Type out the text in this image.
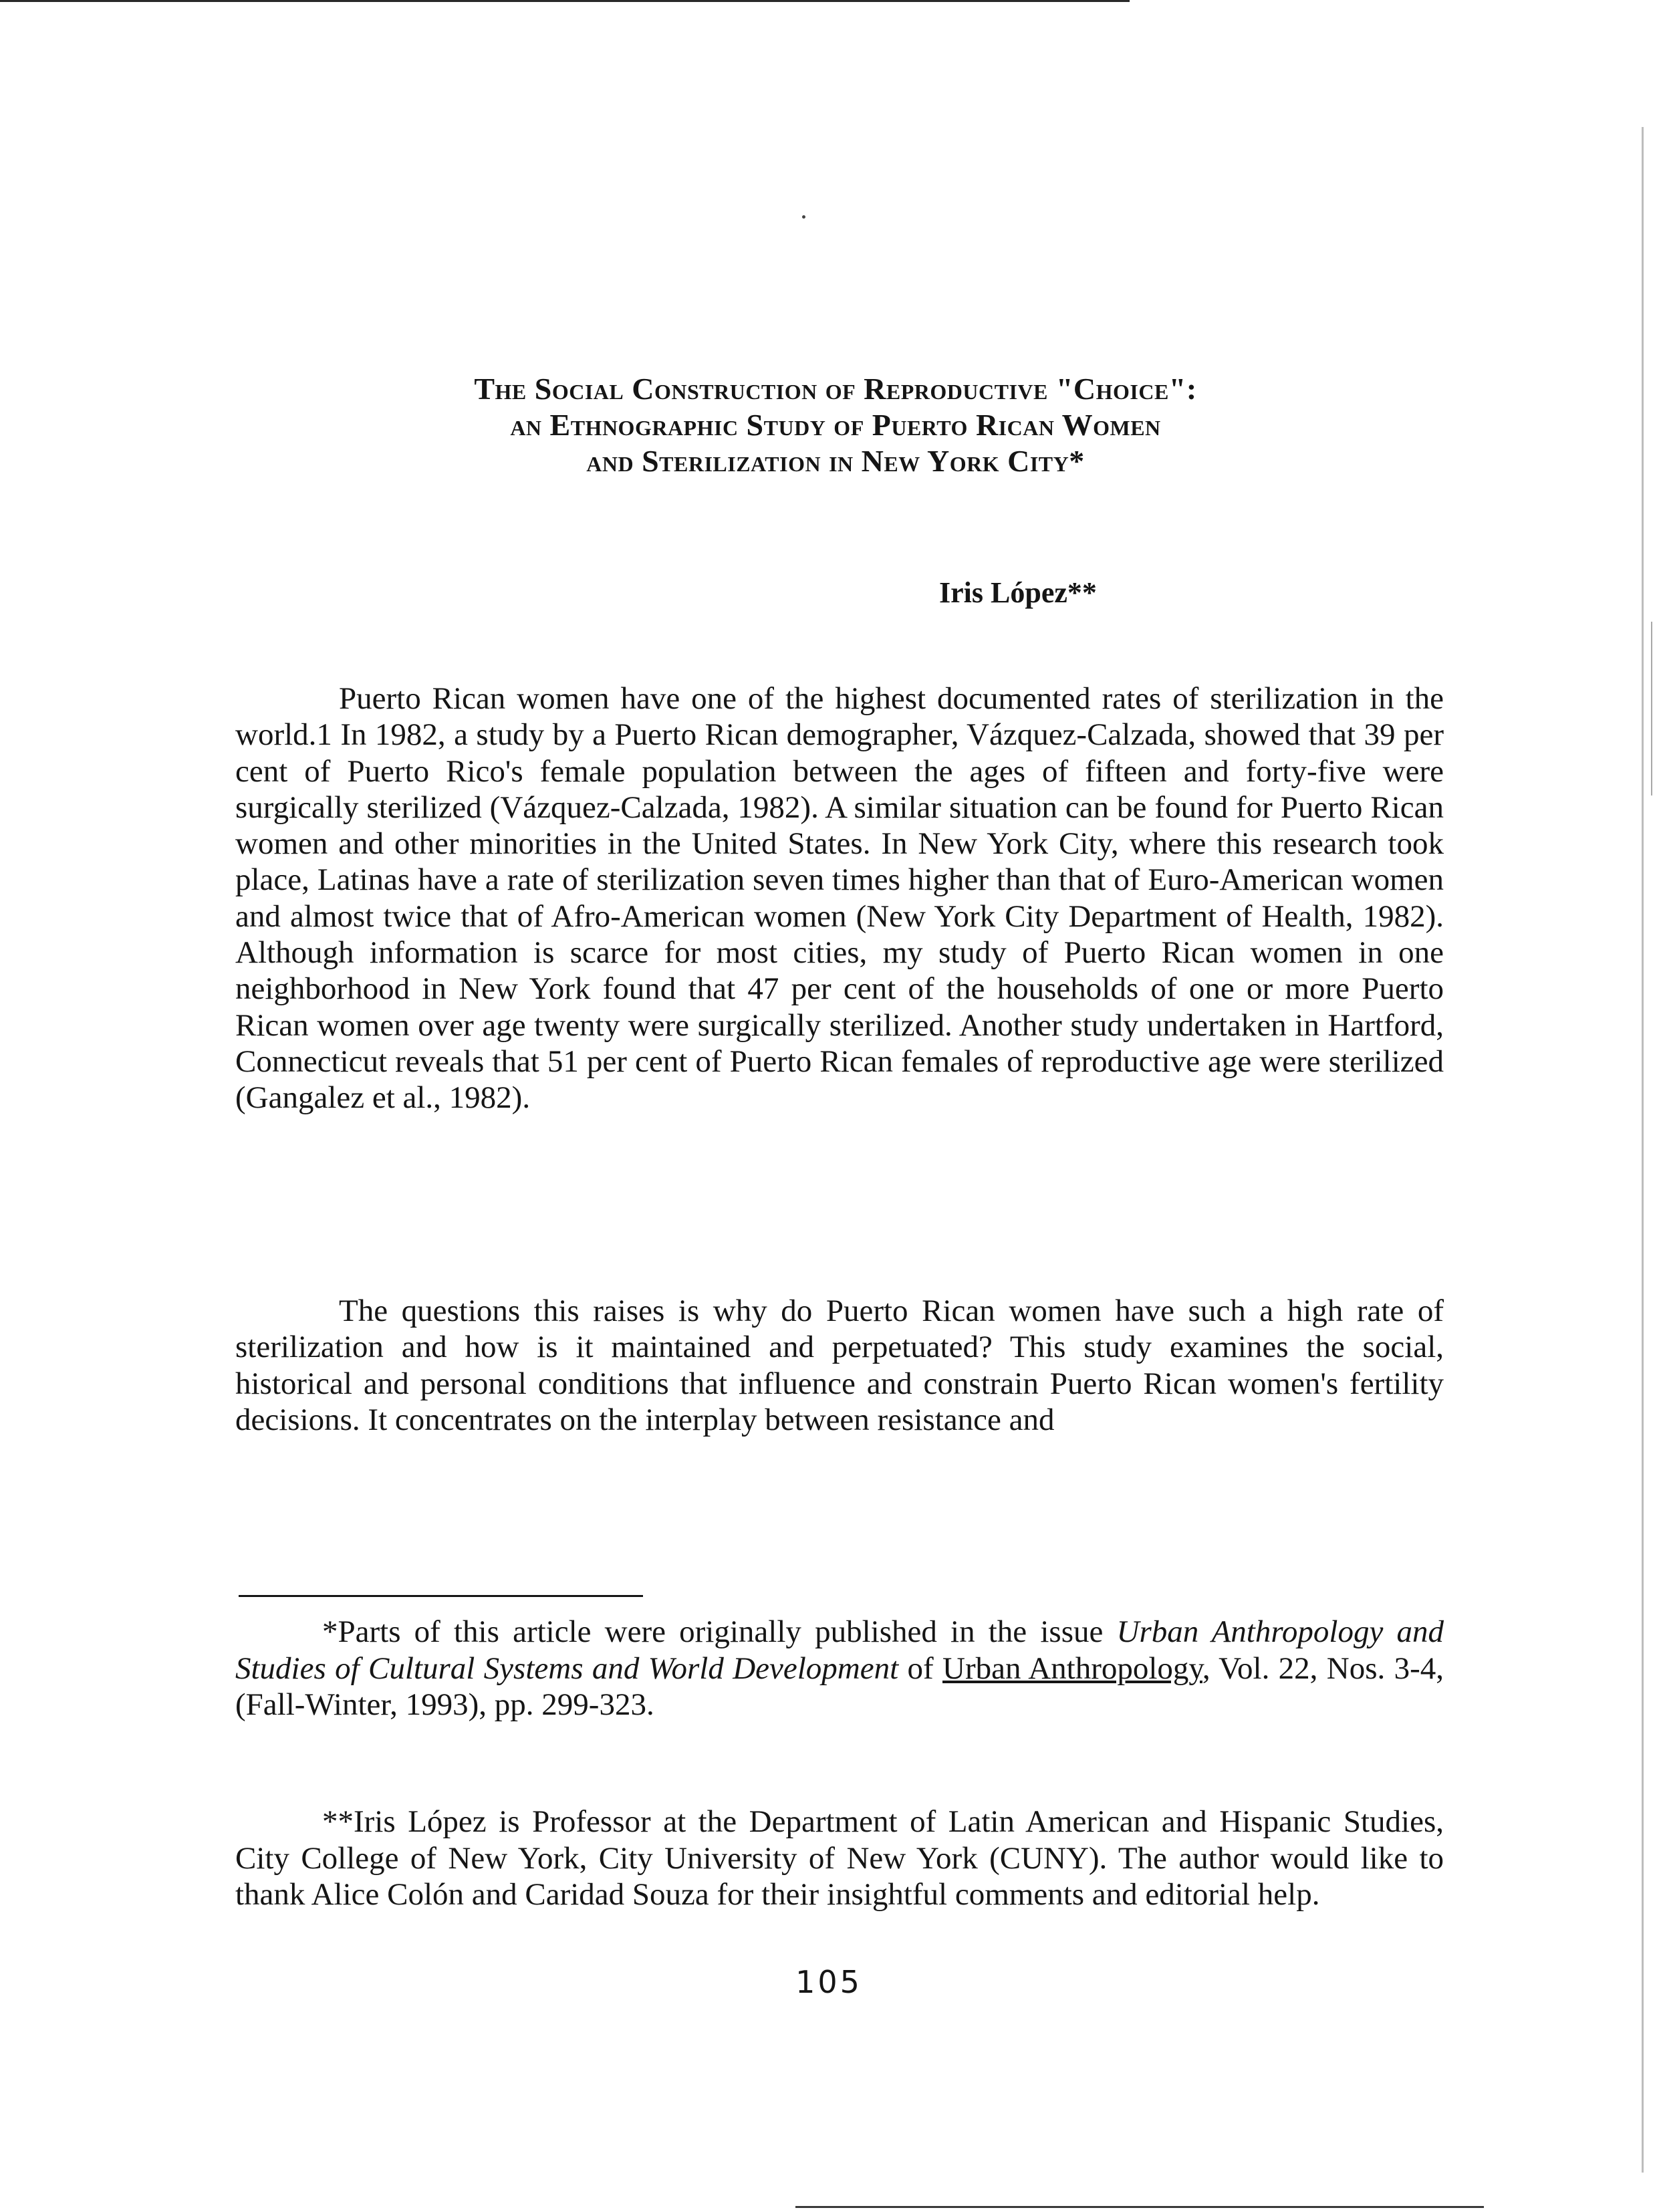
The Social Construction of Reproductive "Choice":
an Ethnographic Study of Puerto Rican Women
and Sterilization in New York City*

Iris López**

Puerto Rican women have one of the highest documented rates of sterilization in the world.1 In 1982, a study by a Puerto Rican demographer, Vázquez-Calzada, showed that 39 per cent of Puerto Rico's female population between the ages of fifteen and forty-five were surgically sterilized (Vázquez-Calzada, 1982). A similar situation can be found for Puerto Rican women and other minorities in the United States. In New York City, where this research took place, Latinas have a rate of sterilization seven times higher than that of Euro-American women and almost twice that of Afro-American women (New York City Department of Health, 1982). Although information is scarce for most cities, my study of Puerto Rican women in one neighborhood in New York found that 47 per cent of the households of one or more Puerto Rican women over age twenty were surgically sterilized. Another study undertaken in Hartford, Connecticut reveals that 51 per cent of Puerto Rican females of reproductive age were sterilized (Gangalez et al., 1982).

The questions this raises is why do Puerto Rican women have such a high rate of sterilization and how is it maintained and perpetuated? This study examines the social, historical and personal conditions that influence and constrain Puerto Rican women's fertility decisions. It concentrates on the interplay between resistance and

*Parts of this article were originally published in the issue Urban Anthropology and Studies of Cultural Systems and World Development of Urban Anthropology, Vol. 22, Nos. 3-4, (Fall-Winter, 1993), pp. 299-323.

**Iris López is Professor at the Department of Latin American and Hispanic Studies, City College of New York, City University of New York (CUNY). The author would like to thank Alice Colón and Caridad Souza for their insightful comments and editorial help.

105
